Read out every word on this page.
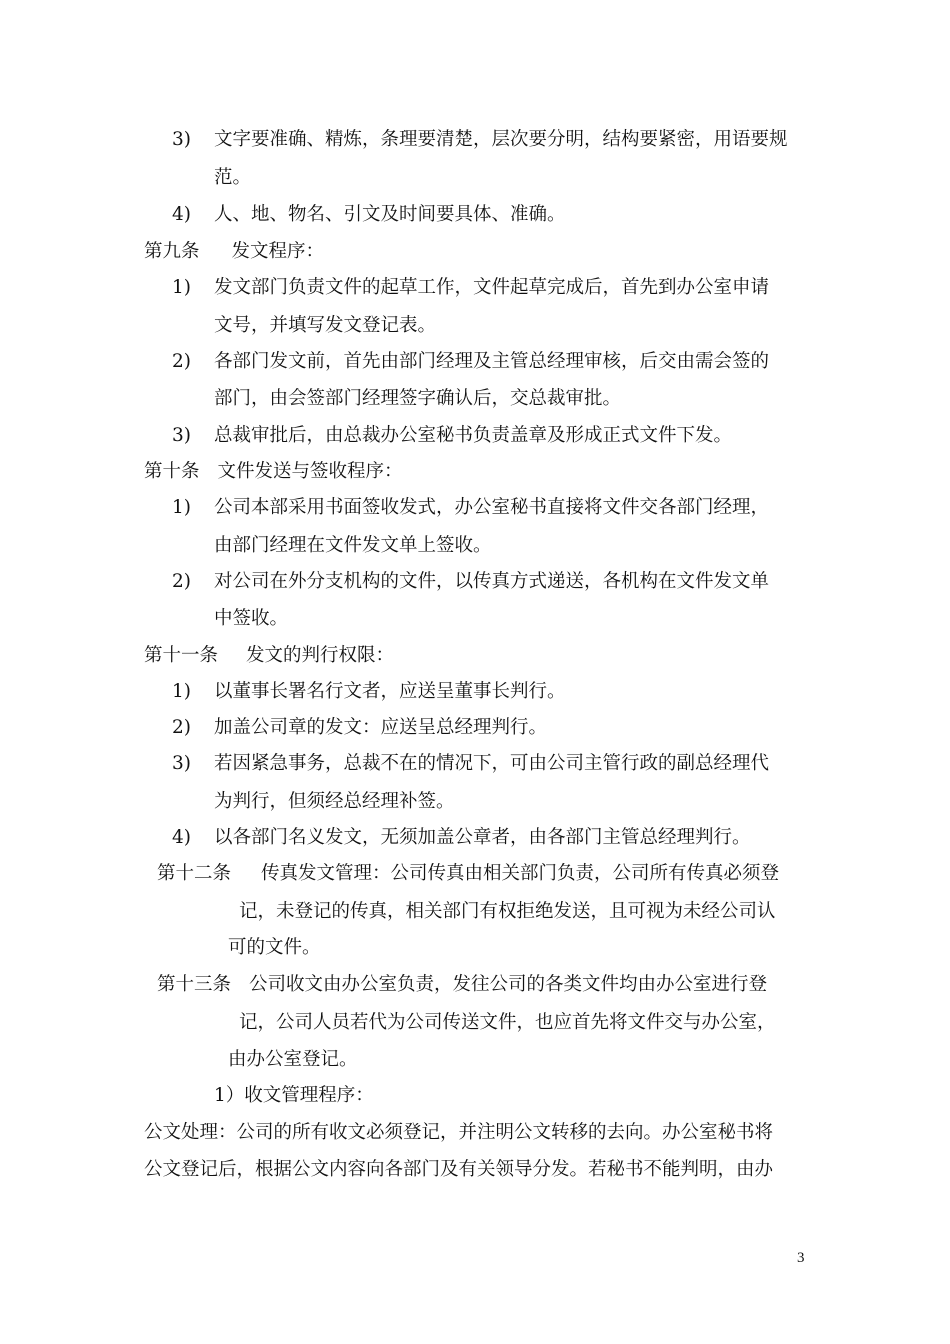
3) 文字要准确、精炼，条理要清楚，层次要分明，结构要紧密，用语要规
范。
4) 人、地、物名、引文及时间要具体、准确。
第九条 发文程序：
1) 发文部门负责文件的起草工作，文件起草完成后，首先到办公室申请
文号，并填写发文登记表。
2) 各部门发文前，首先由部门经理及主管总经理审核，后交由需会签的
部门，由会签部门经理签字确认后，交总裁审批。
3) 总裁审批后，由总裁办公室秘书负责盖章及形成正式文件下发。
第十条 文件发送与签收程序：
1) 公司本部采用书面签收发式，办公室秘书直接将文件交各部门经理，
由部门经理在文件发文单上签收。
2) 对公司在外分支机构的文件，以传真方式递送，各机构在文件发文单
中签收。
第十一条 发文的判行权限：
1) 以董事长署名行文者，应送呈董事长判行。
2) 加盖公司章的发文：应送呈总经理判行。
3) 若因紧急事务，总裁不在的情况下，可由公司主管行政的副总经理代
为判行，但须经总经理补签。
4) 以各部门名义发文，无须加盖公章者，由各部门主管总经理判行。
第十二条 传真发文管理：公司传真由相关部门负责，公司所有传真必须登
记，未登记的传真，相关部门有权拒绝发送，且可视为未经公司认
可的文件。
第十三条 公司收文由办公室负责，发往公司的各类文件均由办公室进行登
记，公司人员若代为公司传送文件，也应首先将文件交与办公室，
由办公室登记。
1）收文管理程序：
公文处理：公司的所有收文必须登记，并注明公文转移的去向。办公室秘书将
公文登记后，根据公文内容向各部门及有关领导分发。若秘书不能判明，由办
3
